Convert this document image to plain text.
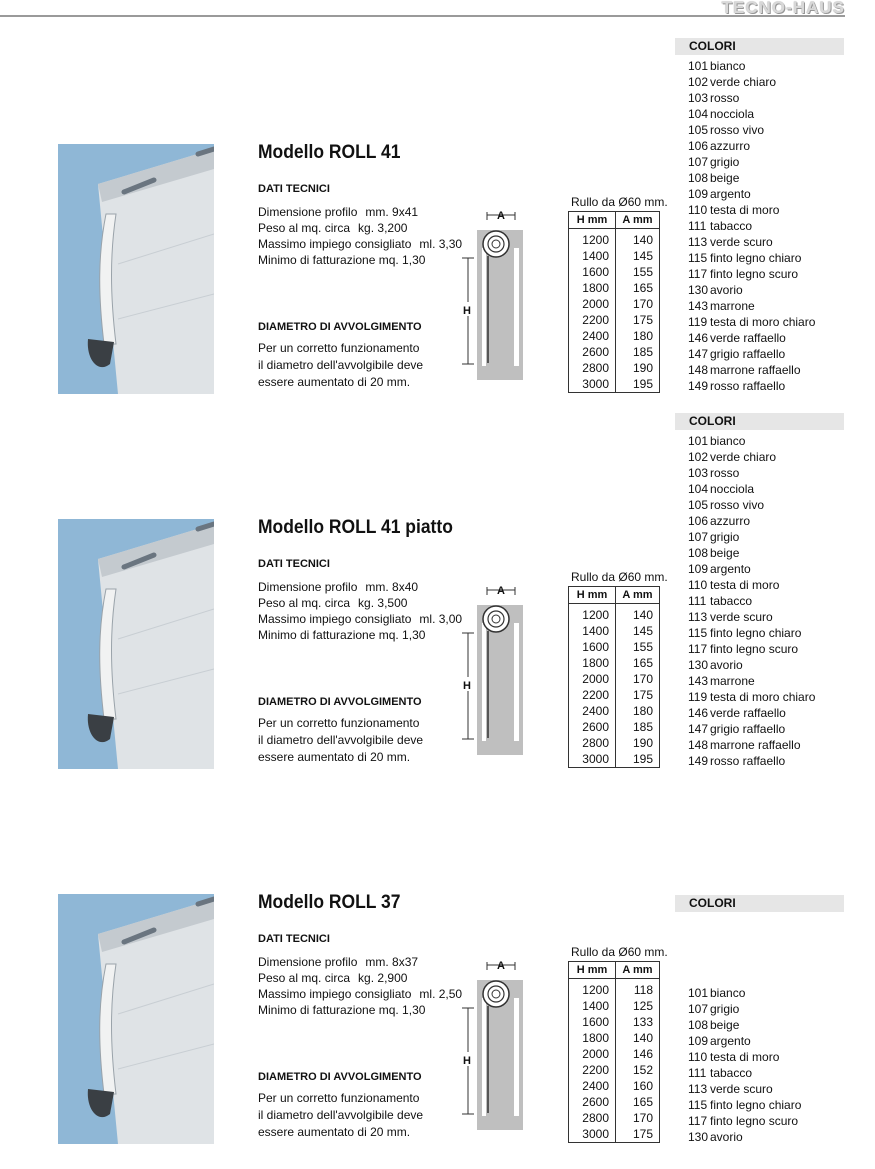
TECNO-HAUS
Modello ROLL 41
DATI TECNICI
Dimensione profilo mm. 9x41
Peso al mq. circa kg. 3,200
Massimo impiego consigliato ml. 3,30
Minimo di fatturazione mq. 1,30
DIAMETRO DI AVVOLGIMENTO
Per un corretto funzionamento
il diametro dell'avvolgibile deve
essere aumentato di 20 mm.
A
H
Rullo da Ø60 mm.
H mm	A mm
1200	140
1400	145
1600	155
1800	165
2000	170
2200	175
2400	180
2600	185
2800	190
3000	195
COLORI
101 bianco
102 verde chiaro
103 rosso
104 nocciola
105 rosso vivo
106 azzurro
107 grigio
108 beige
109 argento
110 testa di moro
111 tabacco
113 verde scuro
115 finto legno chiaro
117 finto legno scuro
130 avorio
143 marrone
119 testa di moro chiaro
146 verde raffaello
147 grigio raffaello
148 marrone raffaello
149 rosso raffaello
Modello ROLL 41 piatto
DATI TECNICI
Dimensione profilo mm. 8x40
Peso al mq. circa kg. 3,500
Massimo impiego consigliato ml. 3,00
Minimo di fatturazione mq. 1,30
DIAMETRO DI AVVOLGIMENTO
Per un corretto funzionamento
il diametro dell'avvolgibile deve
essere aumentato di 20 mm.
A
H
Rullo da Ø60 mm.
H mm	A mm
1200	140
1400	145
1600	155
1800	165
2000	170
2200	175
2400	180
2600	185
2800	190
3000	195
COLORI
101 bianco
102 verde chiaro
103 rosso
104 nocciola
105 rosso vivo
106 azzurro
107 grigio
108 beige
109 argento
110 testa di moro
111 tabacco
113 verde scuro
115 finto legno chiaro
117 finto legno scuro
130 avorio
143 marrone
119 testa di moro chiaro
146 verde raffaello
147 grigio raffaello
148 marrone raffaello
149 rosso raffaello
Modello ROLL 37
DATI TECNICI
Dimensione profilo mm. 8x37
Peso al mq. circa kg. 2,900
Massimo impiego consigliato ml. 2,50
Minimo di fatturazione mq. 1,30
DIAMETRO DI AVVOLGIMENTO
Per un corretto funzionamento
il diametro dell'avvolgibile deve
essere aumentato di 20 mm.
A
H
Rullo da Ø60 mm.
H mm	A mm
1200	118
1400	125
1600	133
1800	140
2000	146
2200	152
2400	160
2600	165
2800	170
3000	175
COLORI
101 bianco
107 grigio
108 beige
109 argento
110 testa di moro
111 tabacco
113 verde scuro
115 finto legno chiaro
117 finto legno scuro
130 avorio
